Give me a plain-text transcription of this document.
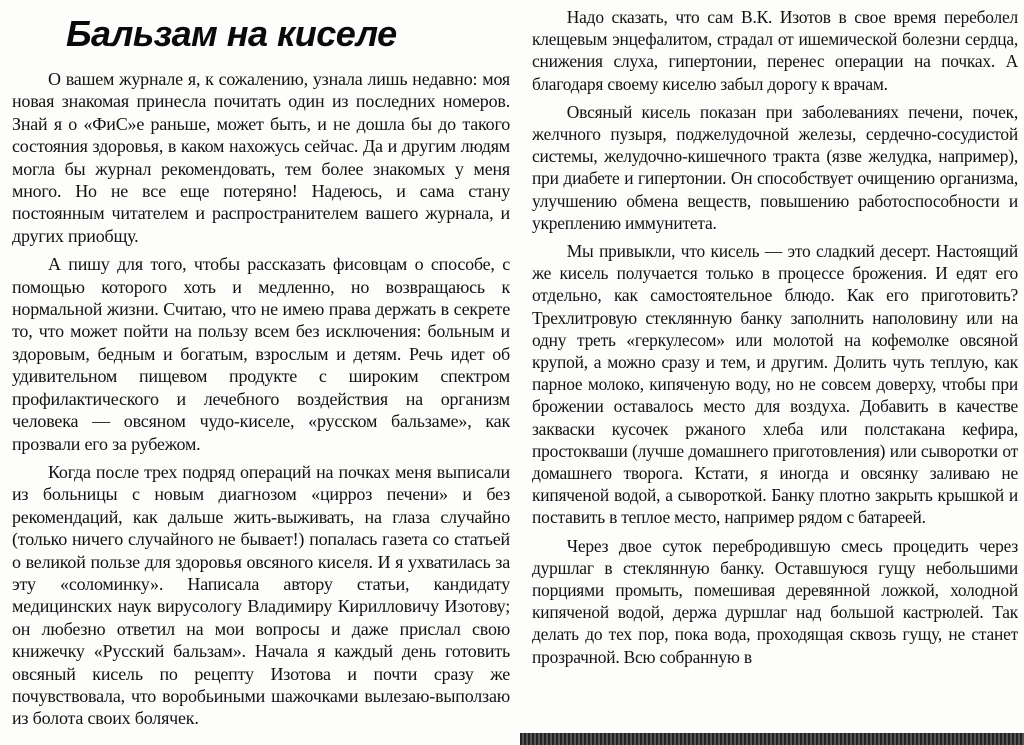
Бальзам на киселе

О вашем журнале я, к сожалению, узнала лишь недавно: моя новая знакомая принесла почитать один из последних номеров. Знай я о «ФиС»е раньше, может быть, и не дошла бы до такого состояния здоровья, в каком нахожусь сейчас. Да и другим людям могла бы журнал рекомендовать, тем более знакомых у меня много. Но не все еще потеряно! Надеюсь, и сама стану постоянным читателем и распространителем вашего журнала, и других приобщу.

А пишу для того, чтобы рассказать фисовцам о способе, с помощью которого хоть и медленно, но возвращаюсь к нормальной жизни. Считаю, что не имею права держать в секрете то, что может пойти на пользу всем без исключения: больным и здоровым, бедным и богатым, взрослым и детям. Речь идет об удивительном пищевом продукте с широким спектром профилактического и лечебного воздействия на организм человека — овсяном чудо-киселе, «русском бальзаме», как прозвали его за рубежом.

Когда после трех подряд операций на почках меня выписали из больницы с новым диагнозом «цирроз печени» и без рекомендаций, как дальше жить-выживать, на глаза случайно (только ничего случайного не бывает!) попалась газета со статьей о великой пользе для здоровья овсяного киселя. И я ухватилась за эту «соломинку». Написала автору статьи, кандидату медицинских наук вирусологу Владимиру Кирилловичу Изотову; он любезно ответил на мои вопросы и даже прислал свою книжечку «Русский бальзам». Начала я каждый день готовить овсяный кисель по рецепту Изотова и почти сразу же почувствовала, что воробьиными шажочками вылезаю-выползаю из болота своих болячек.

Надо сказать, что сам В.К. Изотов в свое время переболел клещевым энцефалитом, страдал от ишемической болезни сердца, снижения слуха, гипертонии, перенес операции на почках. А благодаря своему киселю забыл дорогу к врачам.

Овсяный кисель показан при заболеваниях печени, почек, желчного пузыря, поджелудочной железы, сердечно-сосудистой системы, желудочно-кишечного тракта (язве желудка, например), при диабете и гипертонии. Он способствует очищению организма, улучшению обмена веществ, повышению работоспособности и укреплению иммунитета.

Мы привыкли, что кисель — это сладкий десерт. Настоящий же кисель получается только в процессе брожения. И едят его отдельно, как самостоятельное блюдо. Как его приготовить? Трехлитровую стеклянную банку заполнить наполовину или на одну треть «геркулесом» или молотой на кофемолке овсяной крупой, а можно сразу и тем, и другим. Долить чуть теплую, как парное молоко, кипяченую воду, но не совсем доверху, чтобы при брожении оставалось место для воздуха. Добавить в качестве закваски кусочек ржаного хлеба или полстакана кефира, простокваши (лучше домашнего приготовления) или сыворотки от домашнего творога. Кстати, я иногда и овсянку заливаю не кипяченой водой, а сывороткой. Банку плотно закрыть крышкой и поставить в теплое место, например рядом с батареей.

Через двое суток перебродившую смесь процедить через дуршлаг в стеклянную банку. Оставшуюся гущу небольшими порциями промыть, помешивая деревянной ложкой, холодной кипяченой водой, держа дуршлаг над большой кастрюлей. Так делать до тех пор, пока вода, проходящая сквозь гущу, не станет прозрачной. Всю собранную в
